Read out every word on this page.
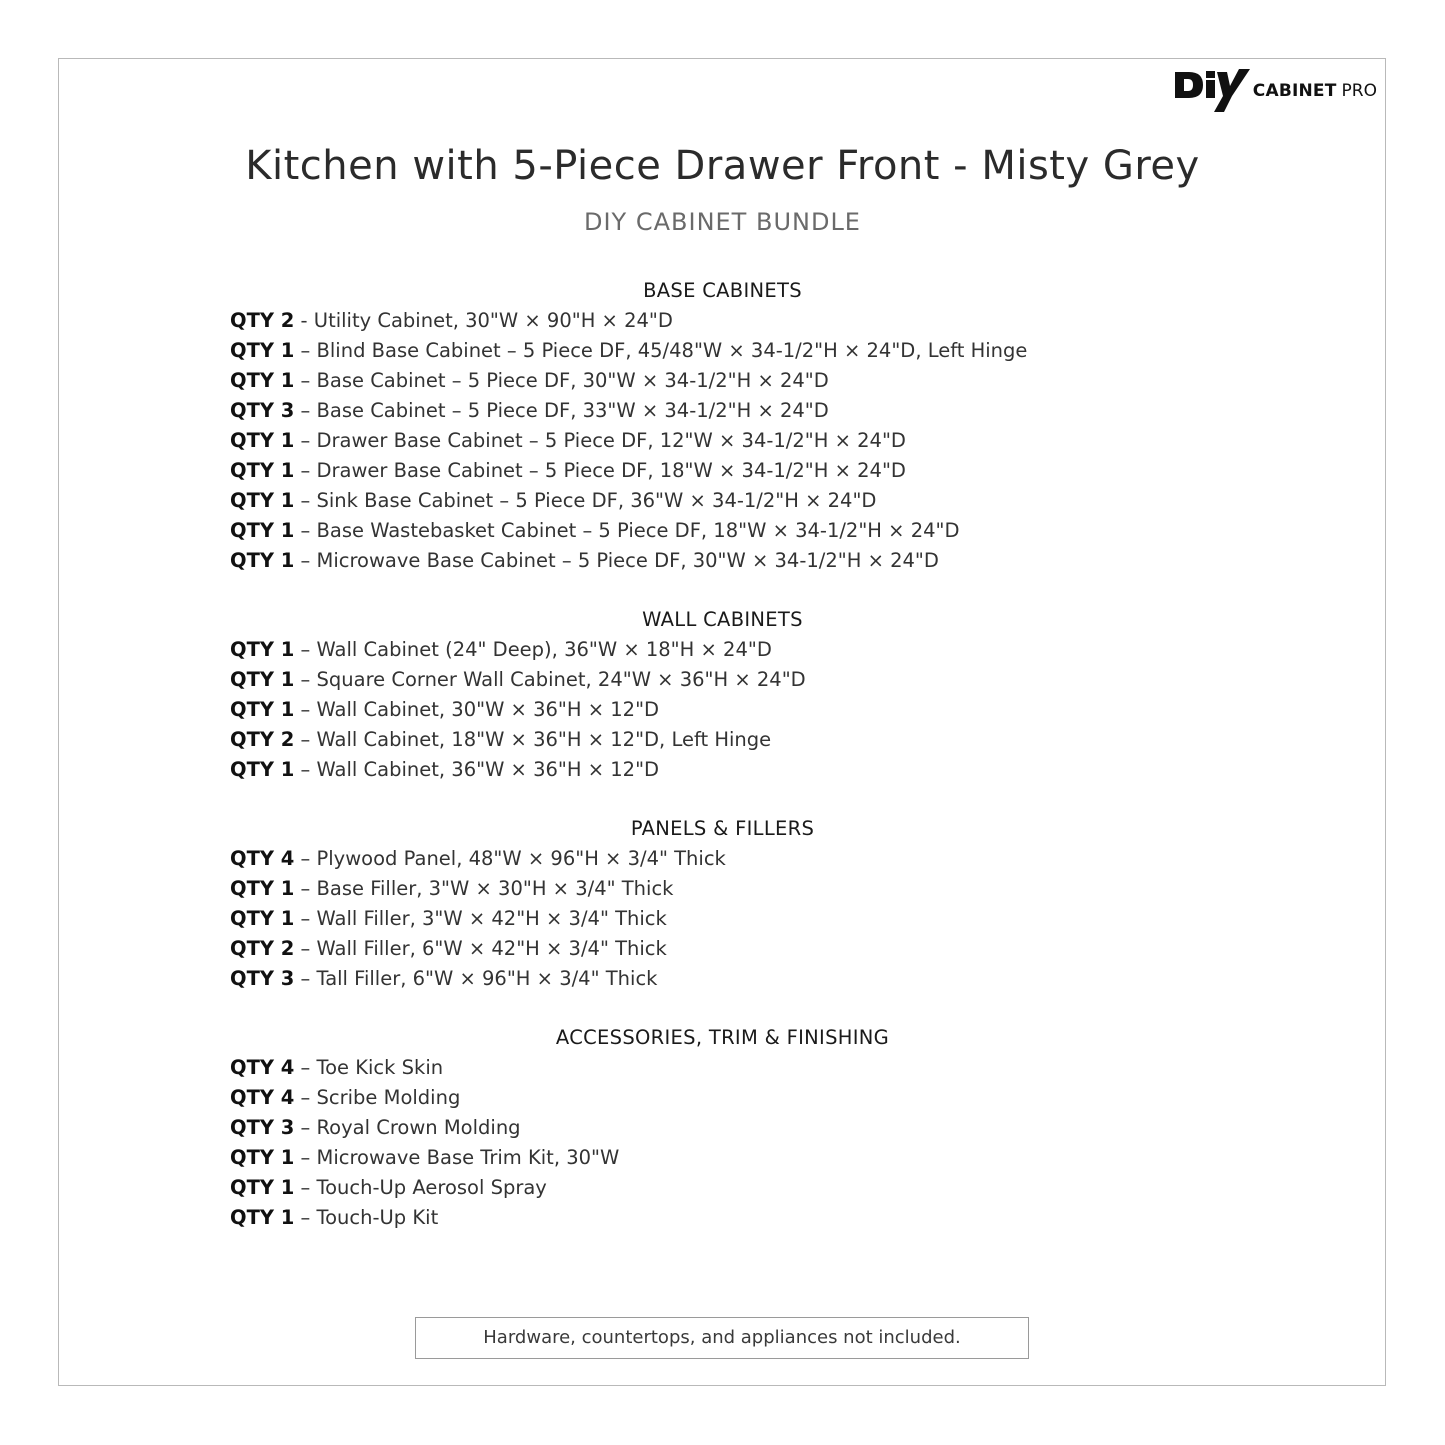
CABINET PRO
Kitchen with 5-Piece Drawer Front - Misty Grey
DIY CABINET BUNDLE
BASE CABINETS
QTY 2 - Utility Cabinet, 30"W × 90"H × 24"D
QTY 1 – Blind Base Cabinet – 5 Piece DF, 45/48"W × 34-1/2"H × 24"D, Left Hinge
QTY 1 – Base Cabinet – 5 Piece DF, 30"W × 34-1/2"H × 24"D
QTY 3 – Base Cabinet – 5 Piece DF, 33"W × 34-1/2"H × 24"D
QTY 1 – Drawer Base Cabinet – 5 Piece DF, 12"W × 34-1/2"H × 24"D
QTY 1 – Drawer Base Cabinet – 5 Piece DF, 18"W × 34-1/2"H × 24"D
QTY 1 – Sink Base Cabinet – 5 Piece DF, 36"W × 34-1/2"H × 24"D
QTY 1 – Base Wastebasket Cabinet – 5 Piece DF, 18"W × 34-1/2"H × 24"D
QTY 1 – Microwave Base Cabinet – 5 Piece DF, 30"W × 34-1/2"H × 24"D
WALL CABINETS
QTY 1 – Wall Cabinet (24" Deep), 36"W × 18"H × 24"D
QTY 1 – Square Corner Wall Cabinet, 24"W × 36"H × 24"D
QTY 1 – Wall Cabinet, 30"W × 36"H × 12"D
QTY 2 – Wall Cabinet, 18"W × 36"H × 12"D, Left Hinge
QTY 1 – Wall Cabinet, 36"W × 36"H × 12"D
PANELS & FILLERS
QTY 4 – Plywood Panel, 48"W × 96"H × 3/4" Thick
QTY 1 – Base Filler, 3"W × 30"H × 3/4" Thick
QTY 1 – Wall Filler, 3"W × 42"H × 3/4" Thick
QTY 2 – Wall Filler, 6"W × 42"H × 3/4" Thick
QTY 3 – Tall Filler, 6"W × 96"H × 3/4" Thick
ACCESSORIES, TRIM & FINISHING
QTY 4 – Toe Kick Skin
QTY 4 – Scribe Molding
QTY 3 – Royal Crown Molding
QTY 1 – Microwave Base Trim Kit, 30"W
QTY 1 – Touch-Up Aerosol Spray
QTY 1 – Touch-Up Kit
Hardware, countertops, and appliances not included.
